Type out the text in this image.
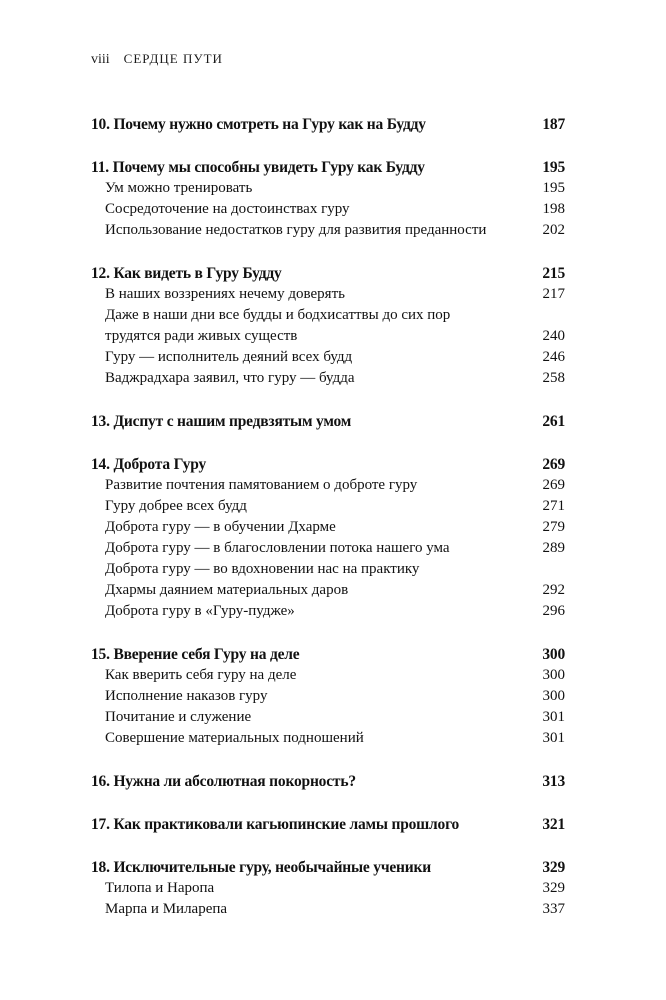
viii СЕРДЦЕ ПУТИ
10. Почему нужно смотреть на Гуру как на Будду	187
11. Почему мы способны увидеть Гуру как Будду	195
Ум можно тренировать	195
Сосредоточение на достоинствах гуру	198
Использование недостатков гуру для развития преданности	202
12. Как видеть в Гуру Будду	215
В наших воззрениях нечему доверять	217
Даже в наши дни все будды и бодхисаттвы до сих пор
трудятся ради живых существ	240
Гуру — исполнитель деяний всех будд	246
Ваджрадхара заявил, что гуру — будда	258
13. Диспут с нашим предвзятым умом	261
14. Доброта Гуру	269
Развитие почтения памятованием о доброте гуру	269
Гуру добрее всех будд	271
Доброта гуру — в обучении Дхарме	279
Доброта гуру — в благословлении потока нашего ума	289
Доброта гуру — во вдохновении нас на практику
Дхармы даянием материальных даров	292
Доброта гуру в «Гуру-пудже»	296
15. Вверение себя Гуру на деле	300
Как вверить себя гуру на деле	300
Исполнение наказов гуру	300
Почитание и служение	301
Совершение материальных подношений	301
16. Нужна ли абсолютная покорность?	313
17. Как практиковали кагьюпинские ламы прошлого	321
18. Исключительные гуру, необычайные ученики	329
Тилопа и Наропа	329
Марпа и Миларепа	337
